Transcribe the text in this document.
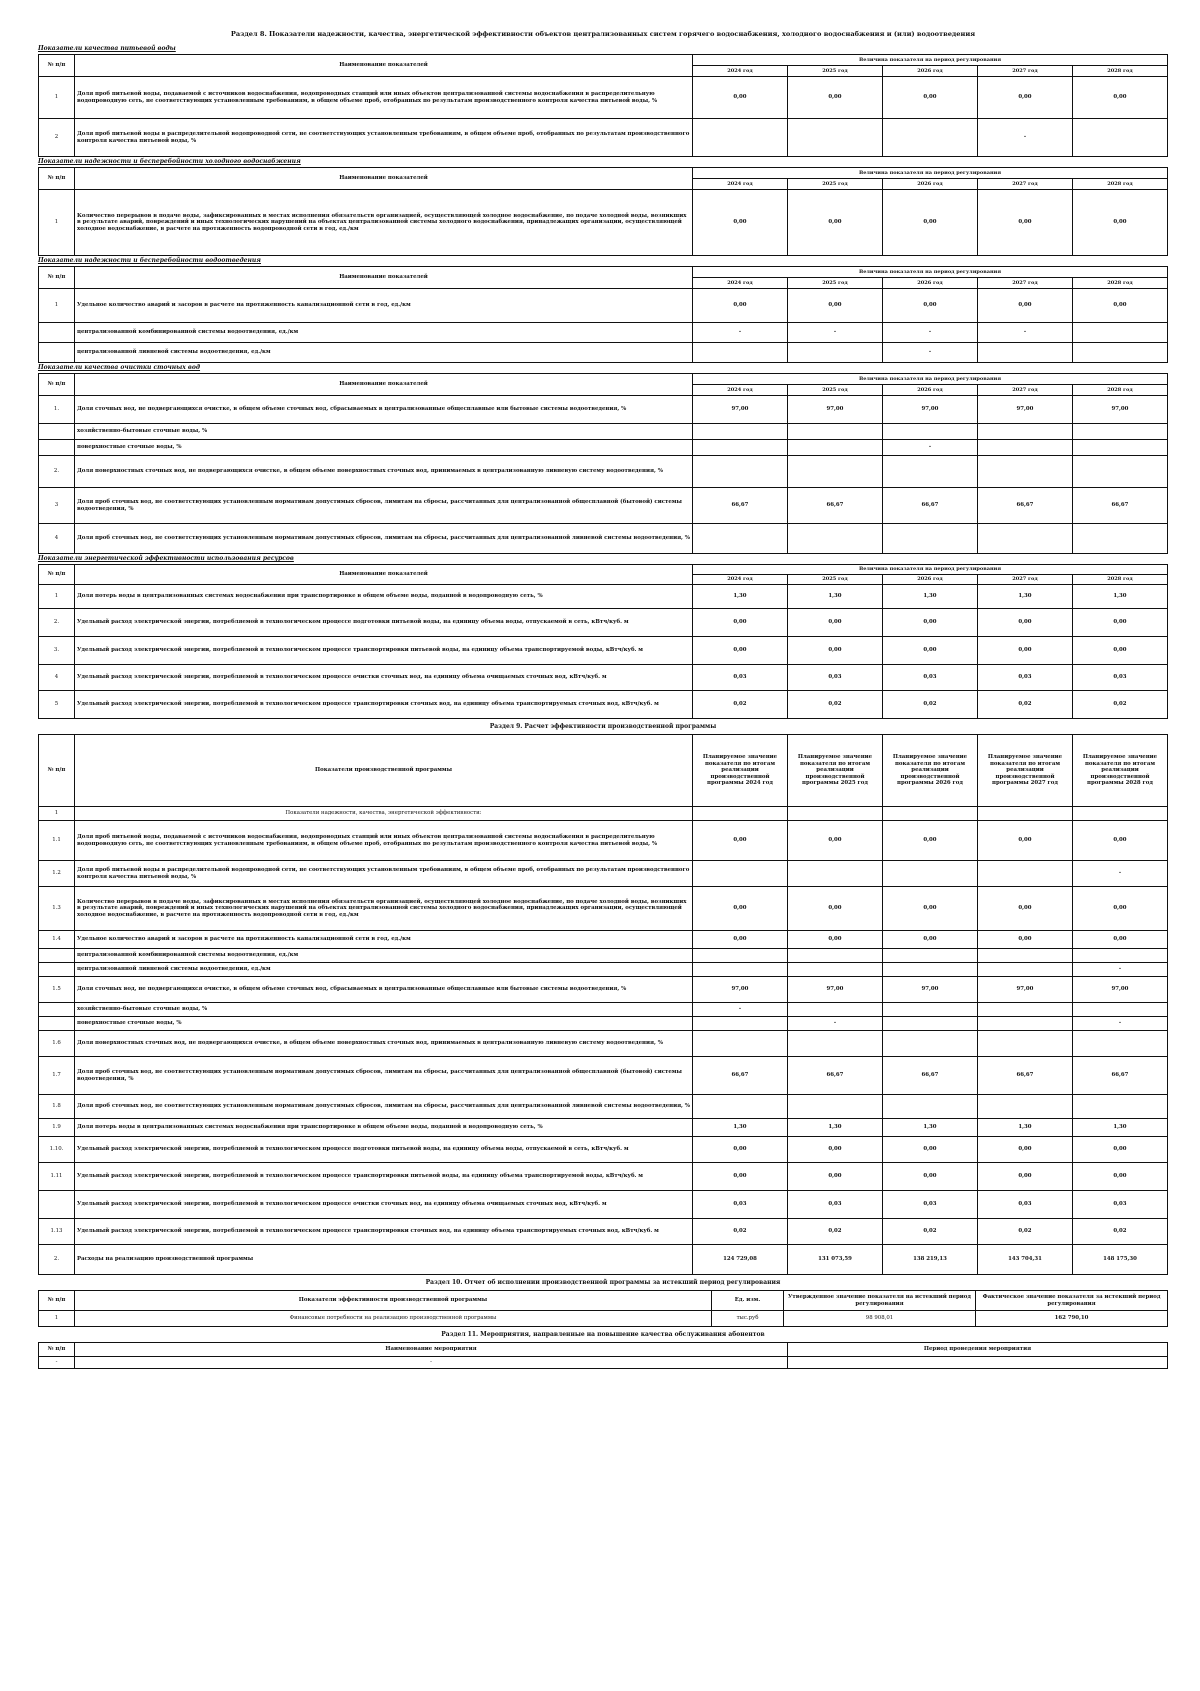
Раздел 8. Показатели надежности, качества, энергетической эффективности объектов централизованных систем горячего водоснабжения, холодного водоснабжения и (или) водоотведения
Показатели качества питьевой воды
№ п/п	Наименование показателей	Величина показателя на период регулирования				
		2024 год	2025 год	2026 год	2027 год	2028 год
1	Доля проб питьевой воды, подаваемой с источников водоснабжения, водопроводных станций или иных объектов централизованной системы водоснабжения в распределительную водопроводную сеть, не соответствующих установленным требованиям, в общем объеме проб, отобранных по результатам производственного контроля качества питьевой воды, %	0,00	0,00	0,00	0,00	0,00
2	Доля проб питьевой воды в распределительной водопроводной сети, не соответствующих установленным требованиям, в общем объеме проб, отобранных по результатам производственного контроля качества питьевой воды, %				-	
Показатели надежности и бесперебойности холодного водоснабжения
№ п/п	Наименование показателей	Величина показателя на период регулирования				
		2024 год	2025 год	2026 год	2027 год	2028 год
1	Количество перерывов в подаче воды, зафиксированных в местах исполнения обязательств организацией, осуществляющей холодное водоснабжение, по подаче холодной воды, возникших в результате аварий, повреждений и иных технологических нарушений на объектах централизованной системы холодного водоснабжения, принадлежащих организации, осуществляющей холодное водоснабжение, в расчете на протяженность водопроводной сети в год, ед./км	0,00	0,00	0,00	0,00	0,00
Показатели надежности и бесперебойности водоотведения
№ п/п	Наименование показателей	Величина показателя на период регулирования				
		2024 год	2025 год	2026 год	2027 год	2028 год
1	Удельное количество аварий и засоров в расчете на протяженность канализационной сети в год, ед./км	0,00	0,00	0,00	0,00	0,00
	централизованной комбинированной системы водоотведения, ед./км	-	-	-	-	
	централизованной ливневой системы водоотведения, ед./км			-		
Показатели качества очистки сточных вод
№ п/п	Наименование показателей	Величина показателя на период регулирования				
		2024 год	2025 год	2026 год	2027 год	2028 год
1.	Доля сточных вод, не подвергающихся очистке, в общем объеме сточных вод, сбрасываемых в централизованные общесплавные или бытовые системы водоотведения, %	97,00	97,00	97,00	97,00	97,00
	хозяйственно-бытовые сточные воды, %					
	поверхностные сточные воды, %			-		
2.	Доля поверхностных сточных вод, не подвергающихся очистке, в общем объеме поверхностных сточных вод, принимаемых в централизованную ливневую систему водоотведения, %					
3	Доля проб сточных вод, не соответствующих установленным нормативам допустимых сбросов, лимитам на сбросы, рассчитанных для централизованной общесплавной (бытовой) системы водоотведения, %	66,67	66,67	66,67	66,67	66,67
4	Доля проб сточных вод, не соответствующих установленным нормативам допустимых сбросов, лимитам на сбросы, рассчитанных для централизованной ливневой системы водоотведения, %					
Показатели энергетической эффективности использования ресурсов
№ п/п	Наименование показателей	Величина показателя на период регулирования				
		2024 год	2025 год	2026 год	2027 год	2028 год
1	Доля потерь воды в централизованных системах водоснабжения при транспортировке в общем объеме воды, поданной в водопроводную сеть, %	1,30	1,30	1,30	1,30	1,30
2.	Удельный расход электрической энергии, потребляемой в технологическом процессе подготовки питьевой воды, на единицу объема воды, отпускаемой в сеть, кВтч/куб. м	0,00	0,00	0,00	0,00	0,00
3.	Удельный расход электрической энергии, потребляемой в технологическом процессе транспортировки питьевой воды, на единицу объема транспортируемой воды, кВтч/куб. м	0,00	0,00	0,00	0,00	0,00
4	Удельный расход электрической энергии, потребляемой в технологическом процессе очистки сточных вод, на единицу объема очищаемых сточных вод, кВтч/куб. м	0,03	0,03	0,03	0,03	0,03
5	Удельный расход электрической энергии, потребляемой в технологическом процессе транспортировки сточных вод, на единицу объема транспортируемых сточных вод, кВтч/куб. м	0,02	0,02	0,02	0,02	0,02
Раздел 9. Расчет эффективности производственной программы
№ п/п	Показатели производственной программы	Планируемое значение показателя по итогам реализации производственной программы 2024 год	Планируемое значение показателя по итогам реализации производственной программы 2025 год	Планируемое значение показателя по итогам реализации производственной программы 2026 год	Планируемое значение показателя по итогам реализации производственной программы 2027 год	Планируемое значение показателя по итогам реализации производственной программы 2028 год
1	Показатели надежности, качества, энергетической эффективности:					
1.1	Доля проб питьевой воды, подаваемой с источников водоснабжения, водопроводных станций или иных объектов централизованной системы водоснабжения в распределительную водопроводную сеть, не соответствующих установленным требованиям, в общем объеме проб, отобранных по результатам производственного контроля качества питьевой воды, %	0,00	0,00	0,00	0,00	0,00
1.2	Доля проб питьевой воды в распределительной водопроводной сети, не соответствующих установленным требованиям, в общем объеме проб, отобранных по результатам производственного контроля качества питьевой воды, %					-
1.3	Количество перерывов в подаче воды, зафиксированных в местах исполнения обязательств организацией, осуществляющей холодное водоснабжение, по подаче холодной воды, возникших в результате аварий, повреждений и иных технологических нарушений на объектах централизованной системы холодного водоснабжения, принадлежащих организации, осуществляющей холодное водоснабжение, в расчете на протяженность водопроводной сети в год, ед./км	0,00	0,00	0,00	0,00	0,00
1.4	Удельное количество аварий и засоров в расчете на протяженность канализационной сети в год, ед./км	0,00	0,00	0,00	0,00	0,00
	централизованной комбинированной системы водоотведения, ед./км					
	централизованной ливневой системы водоотведения, ед./км					-
1.5	Доля сточных вод, не подвергающихся очистке, в общем объеме сточных вод, сбрасываемых в централизованные общесплавные или бытовые системы водоотведения, %	97,00	97,00	97,00	97,00	97,00
	хозяйственно-бытовые сточные воды, %	-				
	поверхностные сточные воды, %		-			-
1.6	Доля поверхностных сточных вод, не подвергающихся очистке, в общем объеме поверхностных сточных вод, принимаемых в централизованную ливневую систему водоотведения, %					
1.7	Доля проб сточных вод, не соответствующих установленным нормативам допустимых сбросов, лимитам на сбросы, рассчитанных для централизованной общесплавной (бытовой) системы водоотведения, %	66,67	66,67	66,67	66,67	66,67
1.8	Доля проб сточных вод, не соответствующих установленным нормативам допустимых сбросов, лимитам на сбросы, рассчитанных для централизованной ливневой системы водоотведения, %					
1.9	Доля потерь воды в централизованных системах водоснабжения при транспортировке в общем объеме воды, поданной в водопроводную сеть, %	1,30	1,30	1,30	1,30	1,30
1.10.	Удельный расход электрической энергии, потребляемой в технологическом процессе подготовки питьевой воды, на единицу объема воды, отпускаемой в сеть, кВтч/куб. м	0,00	0,00	0,00	0,00	0,00
1.11	Удельный расход электрической энергии, потребляемой в технологическом процессе транспортировки питьевой воды, на единицу объема транспортируемой воды, кВтч/куб. м	0,00	0,00	0,00	0,00	0,00
	Удельный расход электрической энергии, потребляемой в технологическом процессе очистки сточных вод, на единицу объема очищаемых сточных вод, кВтч/куб. м	0,03	0,03	0,03	0,03	0,03
1.13	Удельный расход электрической энергии, потребляемой в технологическом процессе транспортировки сточных вод, на единицу объема транспортируемых сточных вод, кВтч/куб. м	0,02	0,02	0,02	0,02	0,02
2.	Расходы на реализацию производственной программы	124 729,08	131 073,59	138 219,13	143 704,31	148 175,30
Раздел 10. Отчет об исполнении производственной программы за истекший период регулирования
№ п/п	Показатели эффективности производственной программы	Ед. изм.	Утвержденное значение показателя на истекший период регулирования	Фактическое значение показателя за истекший период регулирования
1	Финансовые потребности на реализацию производственной программы	тыс.руб	98 908,01	162 790,10
Раздел 11. Мероприятия, направленные на повышение качества обслуживания абонентов
№ п/п	Наименование мероприятия	Период проведения мероприятия
-	-	
